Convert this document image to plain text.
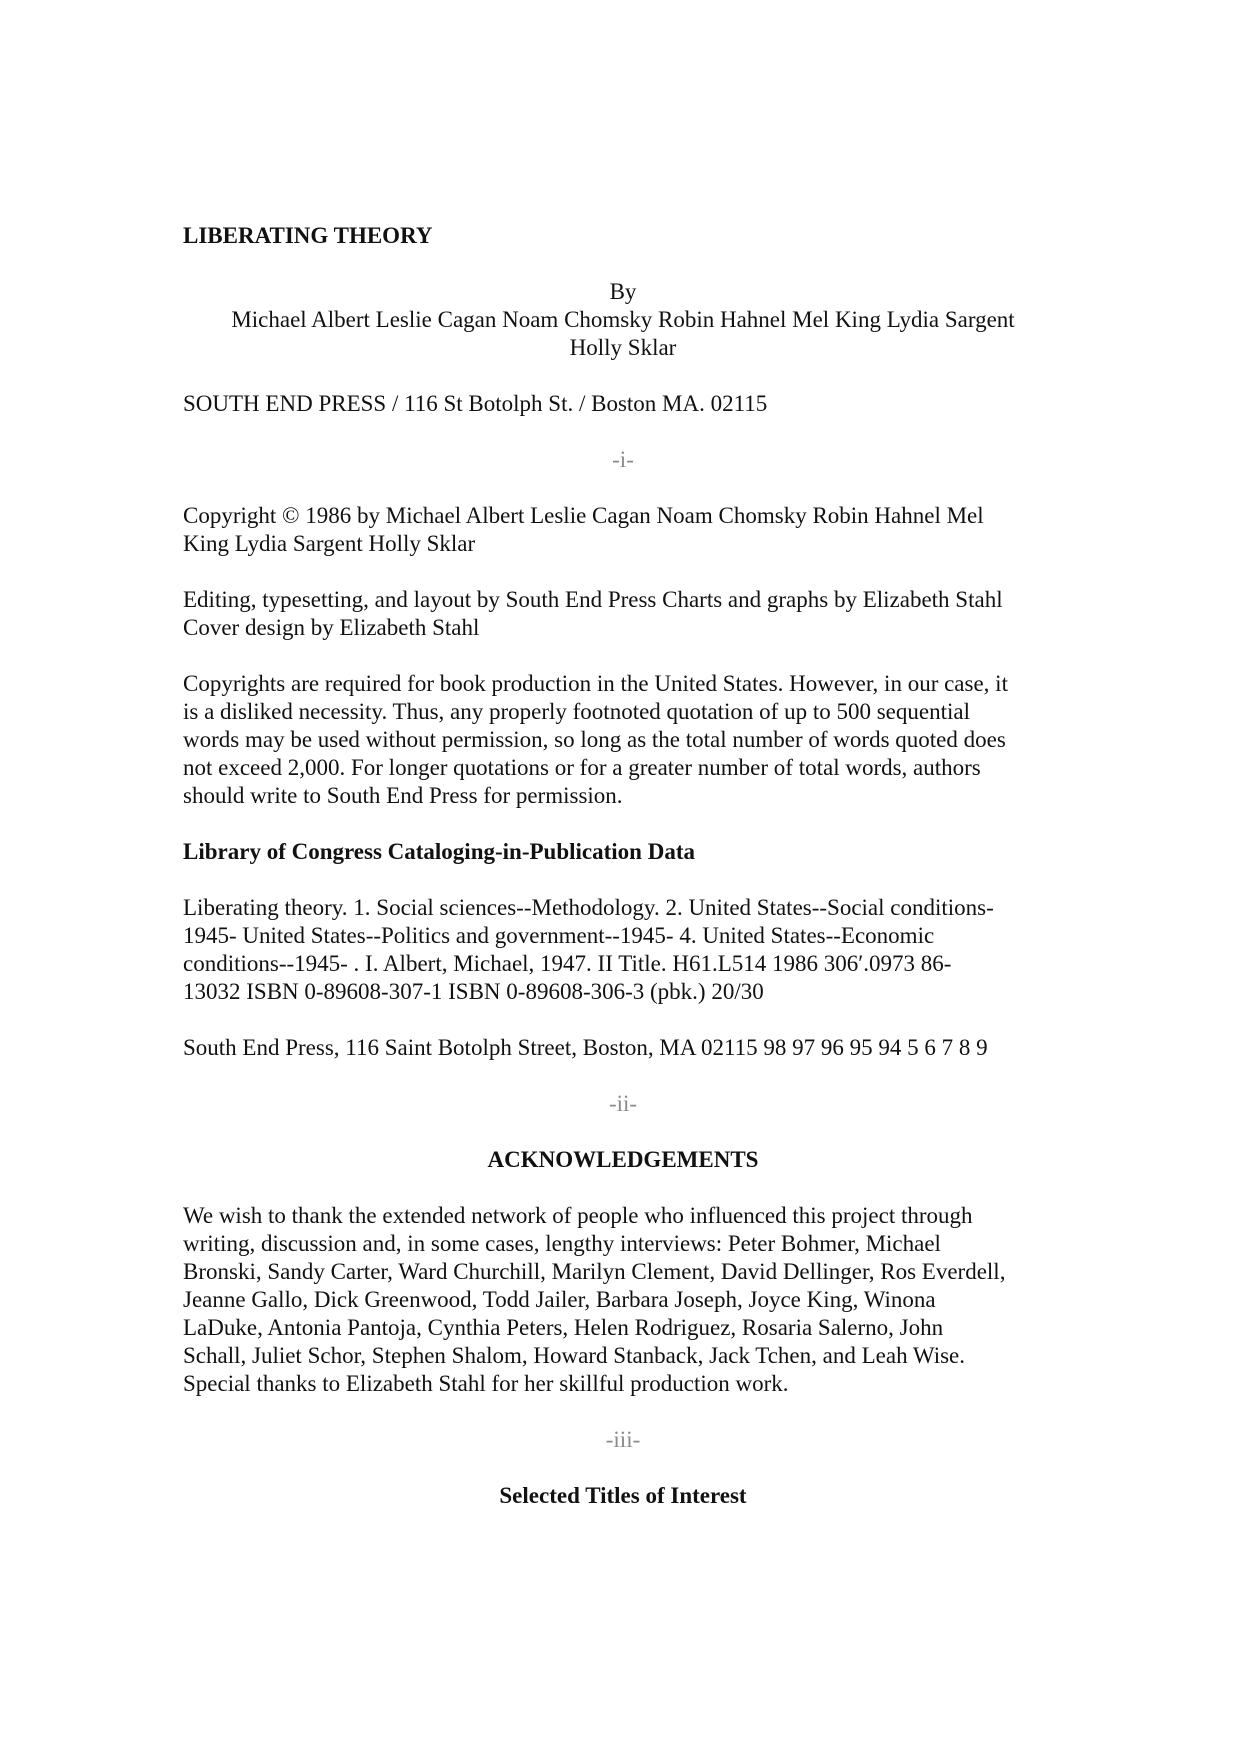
LIBERATING THEORY

By

Michael Albert Leslie Cagan Noam Chomsky Robin Hahnel Mel King Lydia Sargent

Holly Sklar

SOUTH END PRESS / 116 St Botolph St. / Boston MA. 02115

-i-

Copyright © 1986 by Michael Albert Leslie Cagan Noam Chomsky Robin Hahnel Mel

King Lydia Sargent Holly Sklar

Editing, typesetting, and layout by South End Press Charts and graphs by Elizabeth Stahl

Cover design by Elizabeth Stahl

Copyrights are required for book production in the United States. However, in our case, it

is a disliked necessity. Thus, any properly footnoted quotation of up to 500 sequential

words may be used without permission, so long as the total number of words quoted does

not exceed 2,000. For longer quotations or for a greater number of total words, authors

should write to South End Press for permission.

Library of Congress Cataloging-in-Publication Data

Liberating theory. 1. Social sciences--Methodology. 2. United States--Social conditions-

1945- United States--Politics and government--1945- 4. United States--Economic

conditions--1945- . I. Albert, Michael, 1947. II Title. H61.L514 1986 306′.0973 86-

13032 ISBN 0-89608-307-1 ISBN 0-89608-306-3 (pbk.) 20/30

South End Press, 116 Saint Botolph Street, Boston, MA 02115 98 97 96 95 94 5 6 7 8 9

-ii-

ACKNOWLEDGEMENTS

We wish to thank the extended network of people who influenced this project through

writing, discussion and, in some cases, lengthy interviews: Peter Bohmer, Michael

Bronski, Sandy Carter, Ward Churchill, Marilyn Clement, David Dellinger, Ros Everdell,

Jeanne Gallo, Dick Greenwood, Todd Jailer, Barbara Joseph, Joyce King, Winona

LaDuke, Antonia Pantoja, Cynthia Peters, Helen Rodriguez, Rosaria Salerno, John

Schall, Juliet Schor, Stephen Shalom, Howard Stanback, Jack Tchen, and Leah Wise.

Special thanks to Elizabeth Stahl for her skillful production work.

-iii-

Selected Titles of Interest
